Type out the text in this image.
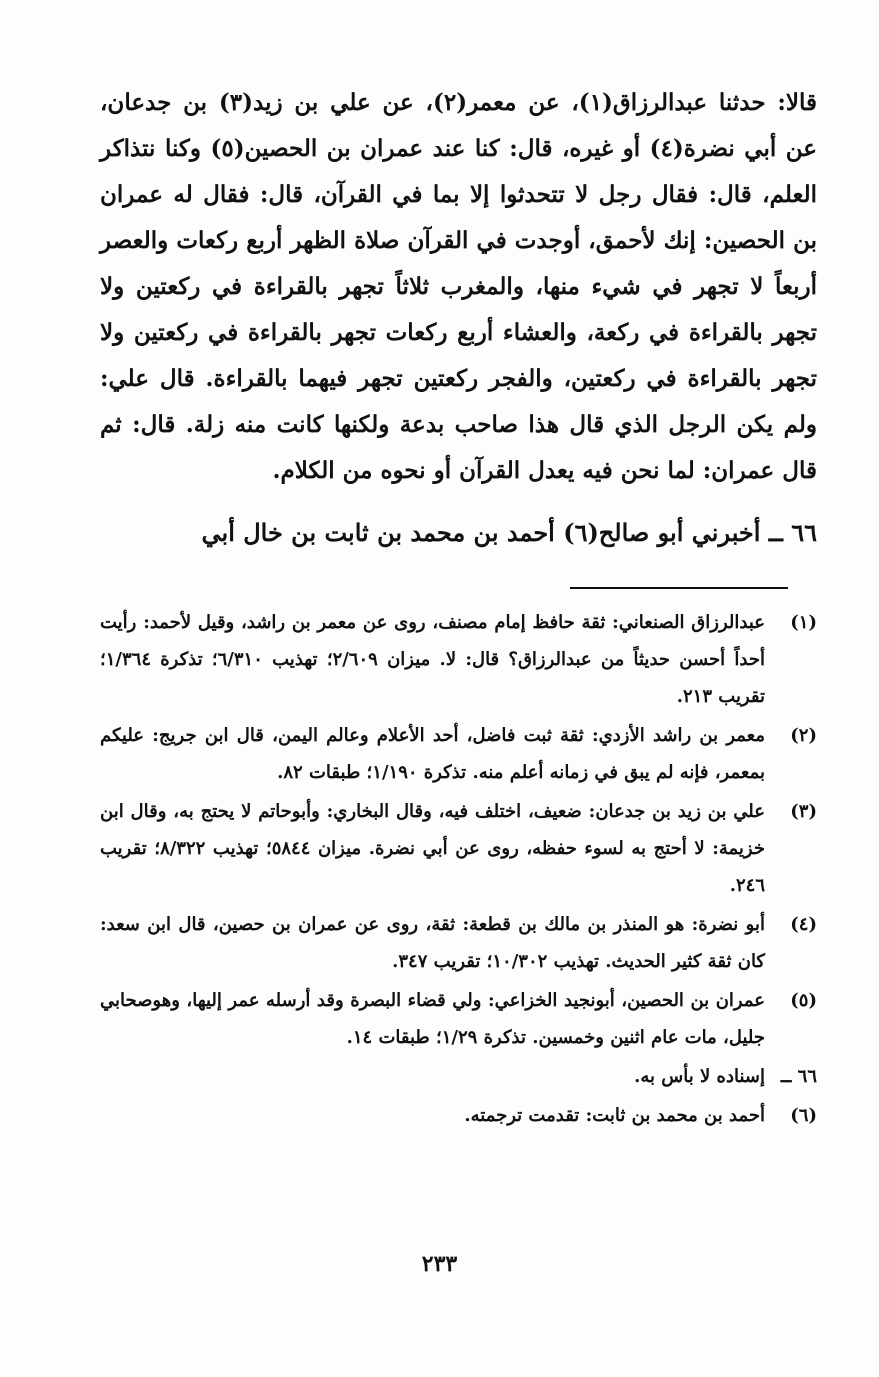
قالا: حدثنا عبدالرزاق(١)، عن معمر(٢)، عن علي بن زيد(٣) بن جدعان، عن أبي نضرة(٤) أو غيره، قال: كنا عند عمران بن الحصين(٥) وكنا نتذاكر العلم، قال: فقال رجل لا تتحدثوا إلا بما في القرآن، قال: فقال له عمران بن الحصين: إنك لأحمق، أوجدت في القرآن صلاة الظهر أربع ركعات والعصر أربعاً لا تجهر في شيء منها، والمغرب ثلاثاً تجهر بالقراءة في ركعتين ولا تجهر بالقراءة في ركعة، والعشاء أربع ركعات تجهر بالقراءة في ركعتين ولا تجهر بالقراءة في ركعتين، والفجر ركعتين تجهر فيهما بالقراءة. قال علي: ولم يكن الرجل الذي قال هذا صاحب بدعة ولكنها كانت منه زلة. قال: ثم قال عمران: لما نحن فيه يعدل القرآن أو نحوه من الكلام.

٦٦ ــ أخبرني أبو صالح(٦) أحمد بن محمد بن ثابت بن خال أبي

(١)
عبدالرزاق الصنعاني: ثقة حافظ إمام مصنف، روى عن معمر بن راشد، وقيل لأحمد: رأيت أحداً أحسن حديثاً من عبدالرزاق؟ قال: لا. ميزان ٢/٦٠٩؛ تهذيب ٦/٣١٠؛ تذكرة ١/٣٦٤؛ تقريب ٢١٣.
(٢)
معمر بن راشد الأزدي: ثقة ثبت فاضل، أحد الأعلام وعالم اليمن، قال ابن جريج: عليكم بمعمر، فإنه لم يبق في زمانه أعلم منه. تذكرة ١/١٩٠؛ طبقات ٨٢.
(٣)
علي بن زيد بن جدعان: ضعيف، اختلف فيه، وقال البخاري: وأبوحاتم لا يحتج به، وقال ابن خزيمة: لا أحتج به لسوء حفظه، روى عن أبي نضرة. ميزان ٥٨٤٤؛ تهذيب ٨/٣٢٢؛ تقريب ٢٤٦.
(٤)
أبو نضرة: هو المنذر بن مالك بن قطعة: ثقة، روى عن عمران بن حصين، قال ابن سعد: كان ثقة كثير الحديث. تهذيب ١٠/٣٠٢؛ تقريب ٣٤٧.
(٥)
عمران بن الحصين، أبونجيد الخزاعي: ولي قضاء البصرة وقد أرسله عمر إليها، وهوصحابي جليل، مات عام اثنين وخمسين. تذكرة ١/٢٩؛ طبقات ١٤.
٦٦ ــ
إسناده لا بأس به.
(٦)
أحمد بن محمد بن ثابت: تقدمت ترجمته.
٢٣٣
